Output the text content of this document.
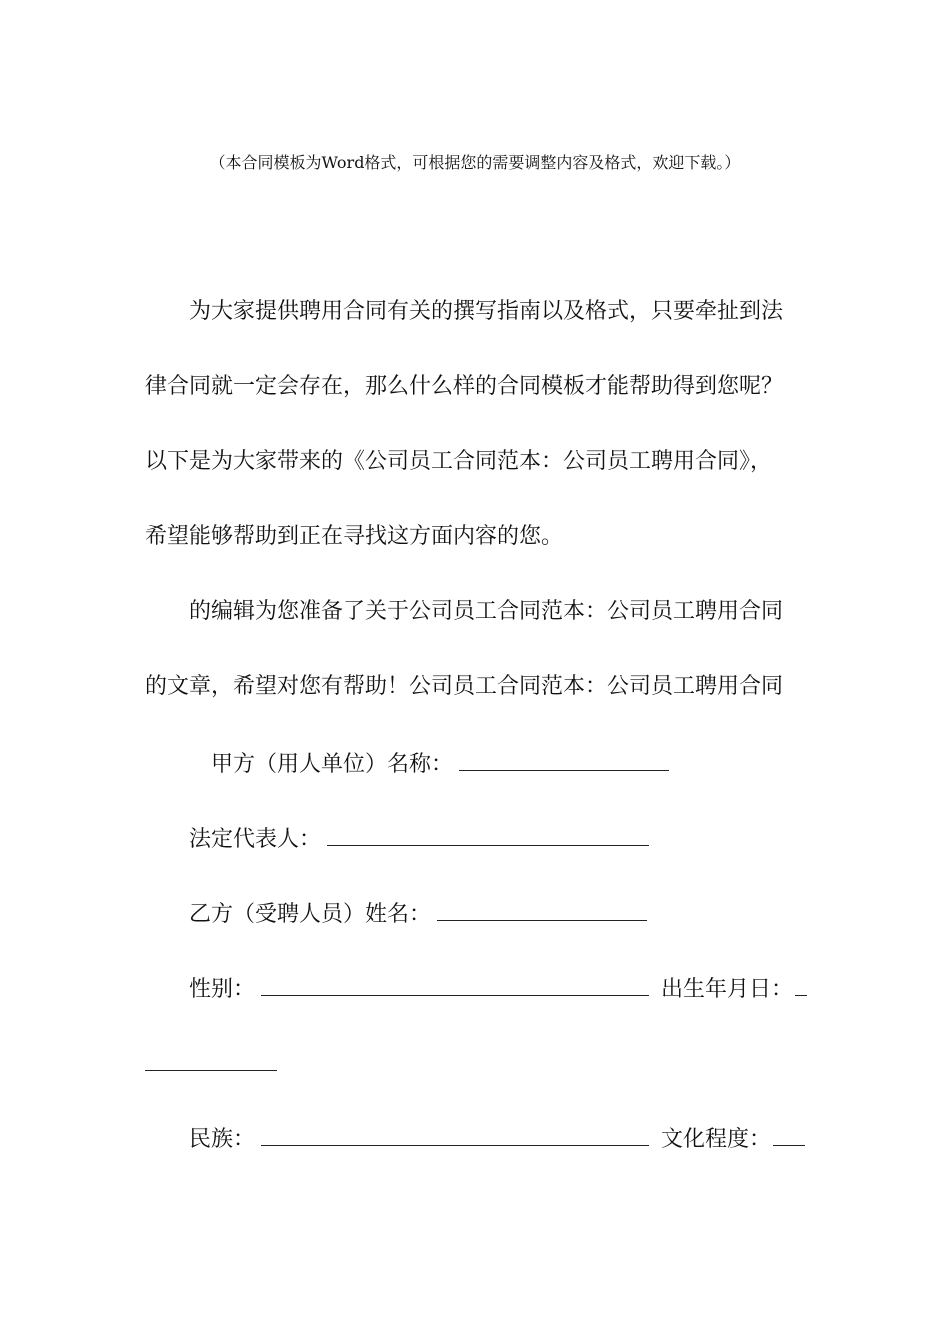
（本合同模板为Word格式，可根据您的需要调整内容及格式，欢迎下载。）
为大家提供聘用合同有关的撰写指南以及格式，只要牵扯到法
律合同就一定会存在，那么什么样的合同模板才能帮助得到您呢？
以下是为大家带来的《公司员工合同范本：公司员工聘用合同》，
希望能够帮助到正在寻找这方面内容的您。
的编辑为您准备了关于公司员工合同范本：公司员工聘用合同
的文章，希望对您有帮助！公司员工合同范本：公司员工聘用合同
甲方（用人单位）名称：
法定代表人：
乙方（受聘人员）姓名：
性别：	出生年月日：
民族：	文化程度：
